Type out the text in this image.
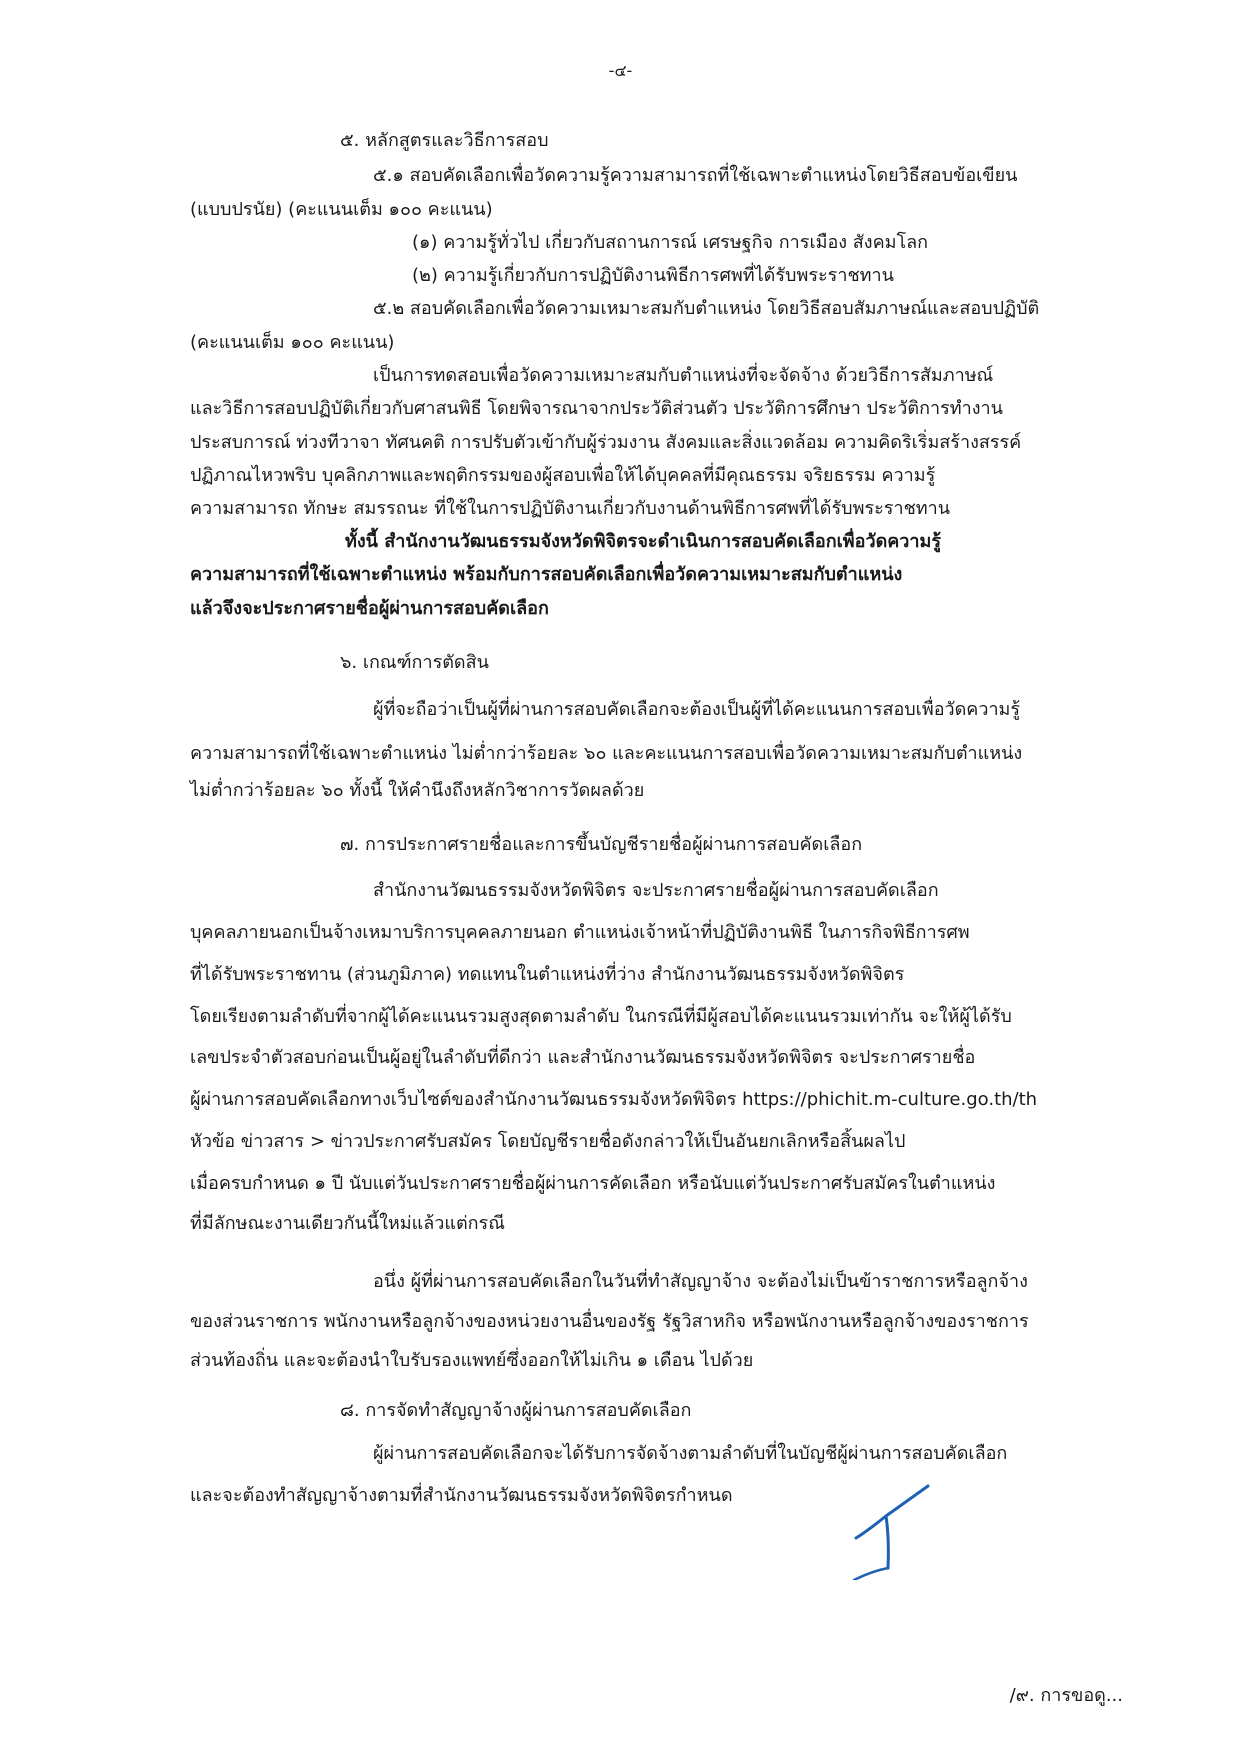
-๔-

๕. หลักสูตรและวิธีการสอบ

๕.๑ สอบคัดเลือกเพื่อวัดความรู้ความสามารถที่ใช้เฉพาะตำแหน่งโดยวิธีสอบข้อเขียน

(แบบปรนัย) (คะแนนเต็ม ๑๐๐ คะแนน)

(๑) ความรู้ทั่วไป เกี่ยวกับสถานการณ์ เศรษฐกิจ การเมือง สังคมโลก

(๒) ความรู้เกี่ยวกับการปฏิบัติงานพิธีการศพที่ได้รับพระราชทาน

๕.๒ สอบคัดเลือกเพื่อวัดความเหมาะสมกับตำแหน่ง โดยวิธีสอบสัมภาษณ์และสอบปฏิบัติ

(คะแนนเต็ม ๑๐๐ คะแนน)

เป็นการทดสอบเพื่อวัดความเหมาะสมกับตำแหน่งที่จะจัดจ้าง ด้วยวิธีการสัมภาษณ์

และวิธีการสอบปฏิบัติเกี่ยวกับศาสนพิธี โดยพิจารณาจากประวัติส่วนตัว ประวัติการศึกษา ประวัติการทำงาน

ประสบการณ์ ท่วงทีวาจา ทัศนคติ การปรับตัวเข้ากับผู้ร่วมงาน สังคมและสิ่งแวดล้อม ความคิดริเริ่มสร้างสรรค์

ปฏิภาณไหวพริบ บุคลิกภาพและพฤติกรรมของผู้สอบเพื่อให้ได้บุคคลที่มีคุณธรรม จริยธรรม ความรู้

ความสามารถ ทักษะ สมรรถนะ ที่ใช้ในการปฏิบัติงานเกี่ยวกับงานด้านพิธีการศพที่ได้รับพระราชทาน

ทั้งนี้ สำนักงานวัฒนธรรมจังหวัดพิจิตรจะดำเนินการสอบคัดเลือกเพื่อวัดความรู้

ความสามารถที่ใช้เฉพาะตำแหน่ง พร้อมกับการสอบคัดเลือกเพื่อวัดความเหมาะสมกับตำแหน่ง

แล้วจึงจะประกาศรายชื่อผู้ผ่านการสอบคัดเลือก

๖. เกณฑ์การตัดสิน

ผู้ที่จะถือว่าเป็นผู้ที่ผ่านการสอบคัดเลือกจะต้องเป็นผู้ที่ได้คะแนนการสอบเพื่อวัดความรู้

ความสามารถที่ใช้เฉพาะตำแหน่ง ไม่ต่ำกว่าร้อยละ ๖๐ และคะแนนการสอบเพื่อวัดความเหมาะสมกับตำแหน่ง

ไม่ต่ำกว่าร้อยละ ๖๐ ทั้งนี้ ให้คำนึงถึงหลักวิชาการวัดผลด้วย

๗. การประกาศรายชื่อและการขึ้นบัญชีรายชื่อผู้ผ่านการสอบคัดเลือก

สำนักงานวัฒนธรรมจังหวัดพิจิตร จะประกาศรายชื่อผู้ผ่านการสอบคัดเลือก

บุคคลภายนอกเป็นจ้างเหมาบริการบุคคลภายนอก ตำแหน่งเจ้าหน้าที่ปฏิบัติงานพิธี ในภารกิจพิธีการศพ

ที่ได้รับพระราชทาน (ส่วนภูมิภาค) ทดแทนในตำแหน่งที่ว่าง สำนักงานวัฒนธรรมจังหวัดพิจิตร

โดยเรียงตามลำดับที่จากผู้ได้คะแนนรวมสูงสุดตามลำดับ ในกรณีที่มีผู้สอบได้คะแนนรวมเท่ากัน จะให้ผู้ได้รับ

เลขประจำตัวสอบก่อนเป็นผู้อยู่ในลำดับที่ดีกว่า และสำนักงานวัฒนธรรมจังหวัดพิจิตร จะประกาศรายชื่อ

ผู้ผ่านการสอบคัดเลือกทางเว็บไซต์ของสำนักงานวัฒนธรรมจังหวัดพิจิตร https://phichit.m-culture.go.th/th

หัวข้อ ข่าวสาร > ข่าวประกาศรับสมัคร โดยบัญชีรายชื่อดังกล่าวให้เป็นอันยกเลิกหรือสิ้นผลไป

เมื่อครบกำหนด ๑ ปี นับแต่วันประกาศรายชื่อผู้ผ่านการคัดเลือก หรือนับแต่วันประกาศรับสมัครในตำแหน่ง

ที่มีลักษณะงานเดียวกันนี้ใหม่แล้วแต่กรณี

อนึ่ง ผู้ที่ผ่านการสอบคัดเลือกในวันที่ทำสัญญาจ้าง จะต้องไม่เป็นข้าราชการหรือลูกจ้าง

ของส่วนราชการ พนักงานหรือลูกจ้างของหน่วยงานอื่นของรัฐ รัฐวิสาหกิจ หรือพนักงานหรือลูกจ้างของราชการ

ส่วนท้องถิ่น และจะต้องนำใบรับรองแพทย์ซึ่งออกให้ไม่เกิน ๑ เดือน ไปด้วย

๘. การจัดทำสัญญาจ้างผู้ผ่านการสอบคัดเลือก

ผู้ผ่านการสอบคัดเลือกจะได้รับการจัดจ้างตามลำดับที่ในบัญชีผู้ผ่านการสอบคัดเลือก

และจะต้องทำสัญญาจ้างตามที่สำนักงานวัฒนธรรมจังหวัดพิจิตรกำหนด

/๙. การขอดู...
